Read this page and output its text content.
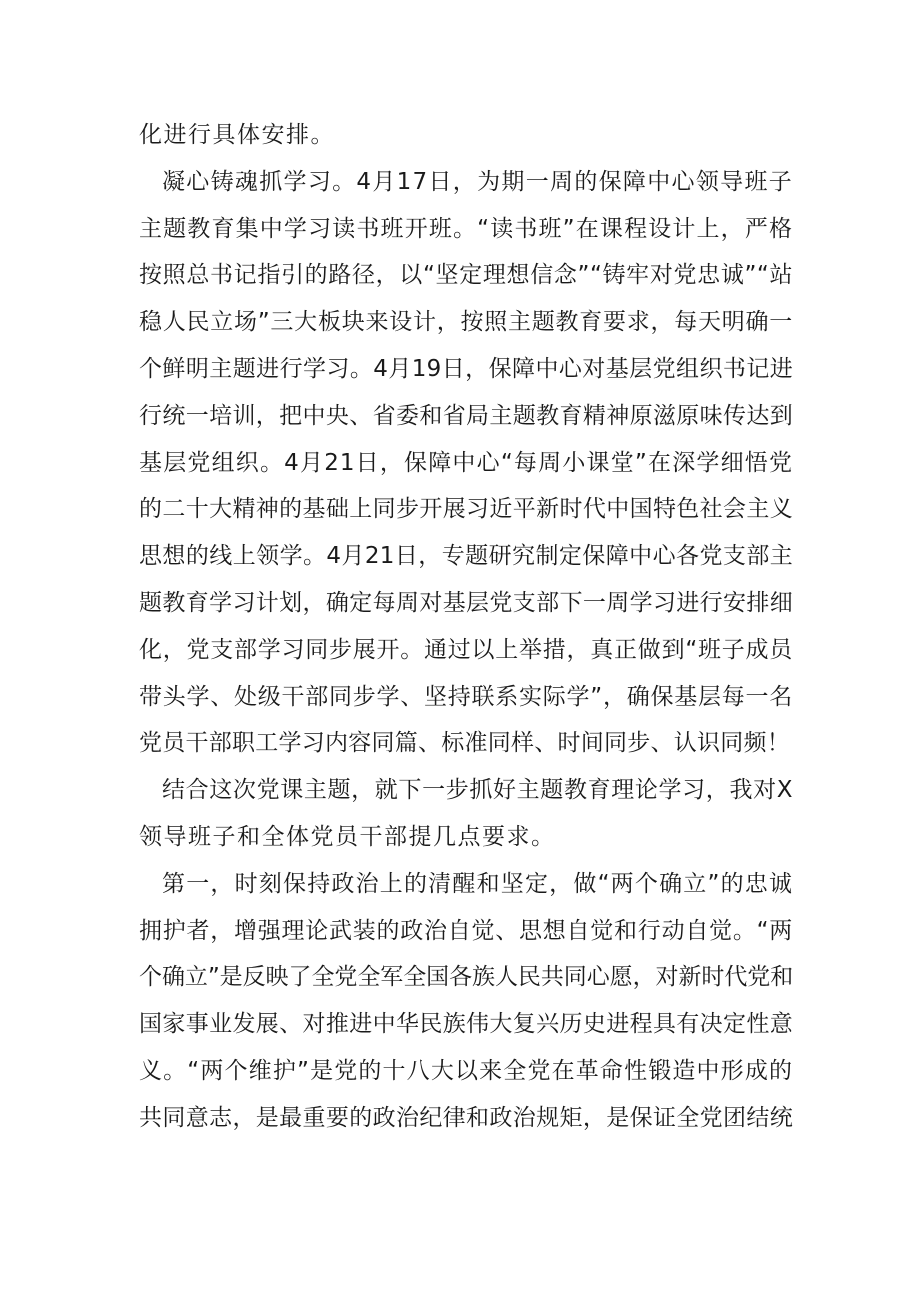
化进行具体安排。
凝心铸魂抓学习。4月17日，为期一周的保障中心领导班子
主题教育集中学习读书班开班。“读书班”在课程设计上，严格
按照总书记指引的路径，以“坚定理想信念”“铸牢对党忠诚”“站
稳人民立场”三大板块来设计，按照主题教育要求，每天明确一
个鲜明主题进行学习。4月19日，保障中心对基层党组织书记进
行统一培训，把中央、省委和省局主题教育精神原滋原味传达到
基层党组织。4月21日，保障中心“每周小课堂”在深学细悟党
的二十大精神的基础上同步开展习近平新时代中国特色社会主义
思想的线上领学。4月21日，专题研究制定保障中心各党支部主
题教育学习计划，确定每周对基层党支部下一周学习进行安排细
化，党支部学习同步展开。通过以上举措，真正做到“班子成员
带头学、处级干部同步学、坚持联系实际学”，确保基层每一名
党员干部职工学习内容同篇、标准同样、时间同步、认识同频！
结合这次党课主题，就下一步抓好主题教育理论学习，我对X
领导班子和全体党员干部提几点要求。
第一，时刻保持政治上的清醒和坚定，做“两个确立”的忠诚
拥护者，增强理论武装的政治自觉、思想自觉和行动自觉。“两
个确立”是反映了全党全军全国各族人民共同心愿，对新时代党和
国家事业发展、对推进中华民族伟大复兴历史进程具有决定性意
义。“两个维护”是党的十八大以来全党在革命性锻造中形成的
共同意志，是最重要的政治纪律和政治规矩，是保证全党团结统
